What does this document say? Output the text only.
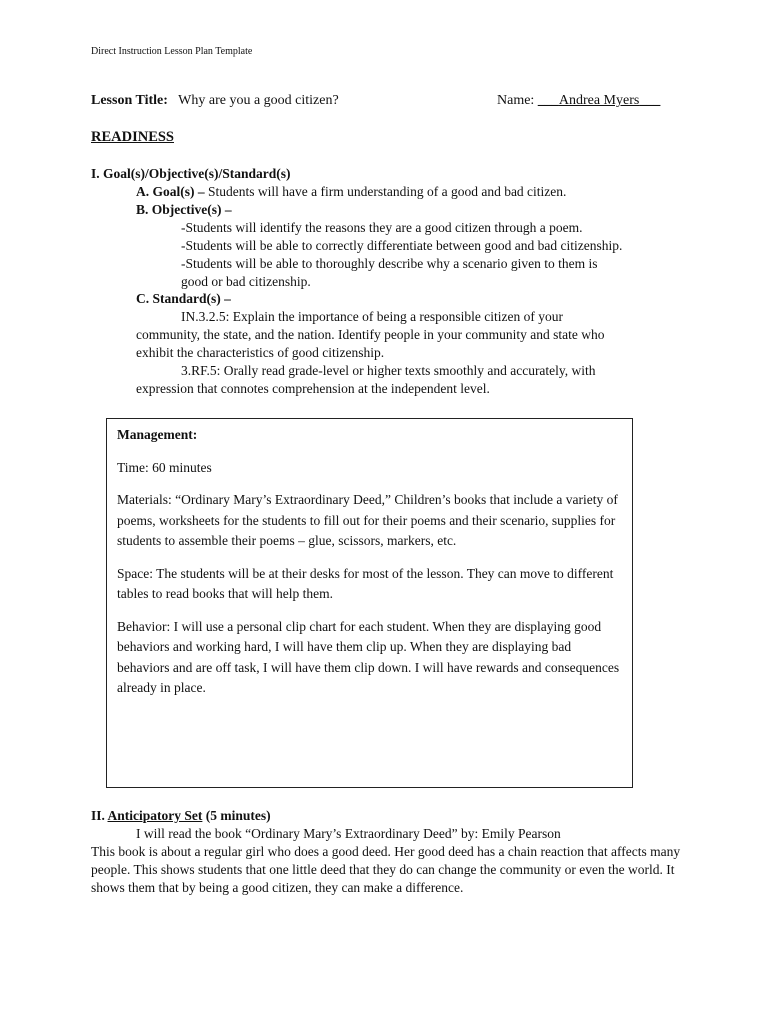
Direct Instruction Lesson Plan Template
Lesson Title: Why are you a good citizen?	Name: ___Andrea Myers___
READINESS
I. Goal(s)/Objective(s)/Standard(s)
A. Goal(s) – Students will have a firm understanding of a good and bad citizen.
B. Objective(s) –
-Students will identify the reasons they are a good citizen through a poem.
-Students will be able to correctly differentiate between good and bad citizenship.
-Students will be able to thoroughly describe why a scenario given to them is
good or bad citizenship.
C. Standard(s) –
IN.3.2.5: Explain the importance of being a responsible citizen of your
community, the state, and the nation. Identify people in your community and state who
exhibit the characteristics of good citizenship.
3.RF.5: Orally read grade-level or higher texts smoothly and accurately, with
expression that connotes comprehension at the independent level.

Management:

Time: 60 minutes

Materials: “Ordinary Mary’s Extraordinary Deed,” Children’s books that include a variety of poems, worksheets for the students to fill out for their poems and their scenario, supplies for students to assemble their poems – glue, scissors, markers, etc.

Space: The students will be at their desks for most of the lesson. They can move to different tables to read books that will help them.

Behavior: I will use a personal clip chart for each student. When they are displaying good behaviors and working hard, I will have them clip up. When they are displaying bad behaviors and are off task, I will have them clip down. I will have rewards and consequences already in place.

II. Anticipatory Set (5 minutes)
I will read the book “Ordinary Mary’s Extraordinary Deed” by: Emily Pearson
This book is about a regular girl who does a good deed. Her good deed has a chain reaction that affects many people. This shows students that one little deed that they do can change the community or even the world. It shows them that by being a good citizen, they can make a difference.
